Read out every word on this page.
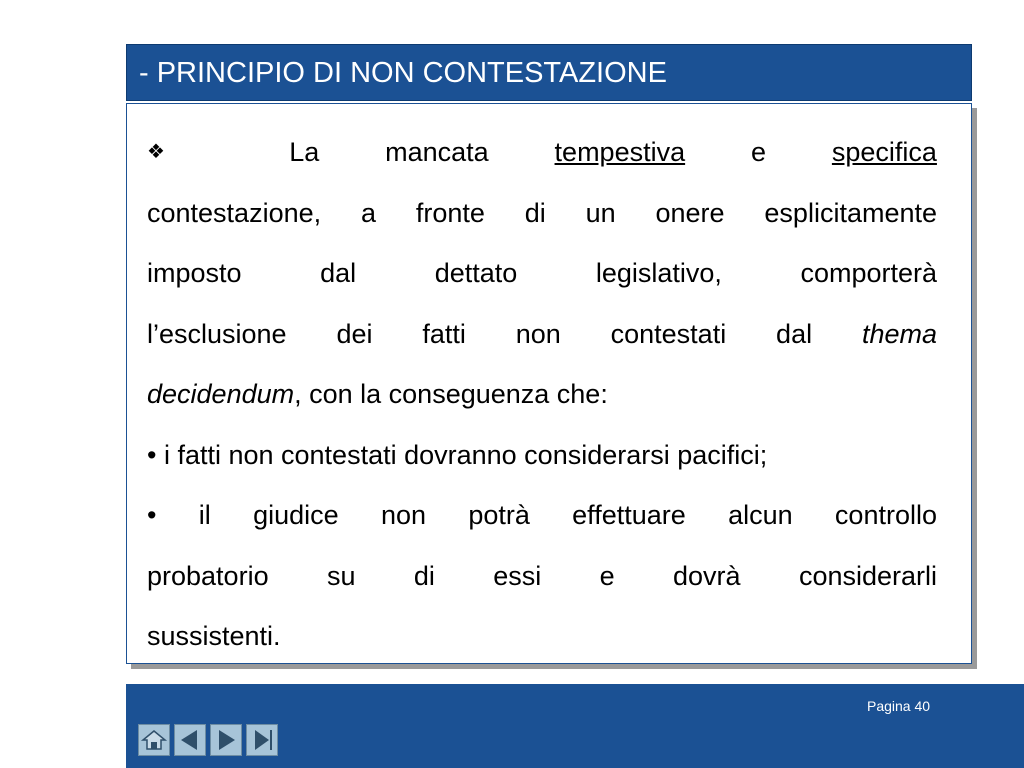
- PRINCIPIO DI NON CONTESTAZIONE
❖ La mancata tempestiva e specifica
contestazione, a fronte di un onere esplicitamente
imposto dal dettato legislativo, comporterà
l’esclusione dei fatti non contestati dal thema
decidendum, con la conseguenza che:
• i fatti non contestati dovranno considerarsi pacifici;
• il giudice non potrà effettuare alcun controllo
probatorio su di essi e dovrà considerarli
sussistenti.
Pagina 40
